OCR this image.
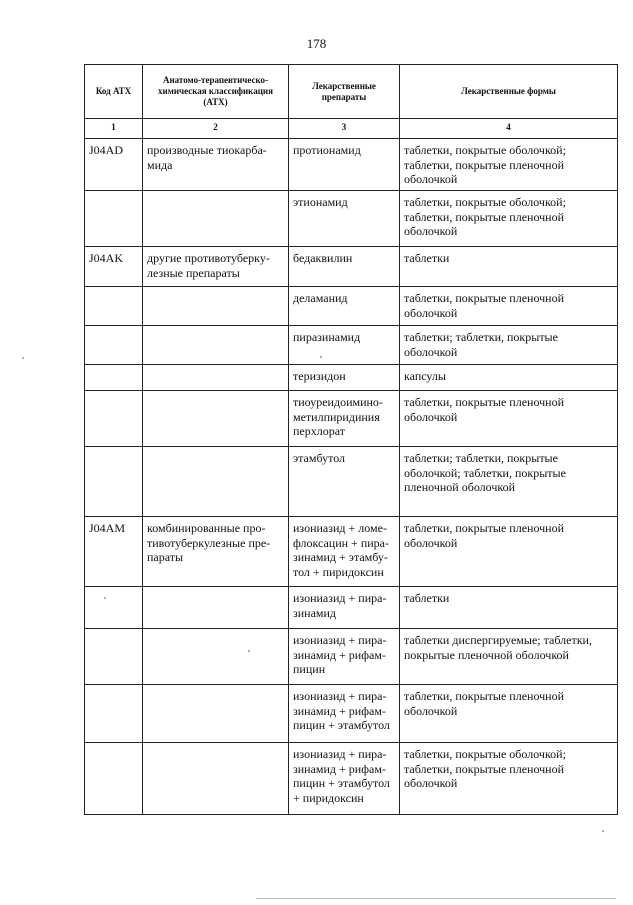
178
Код АТХ	Анатомо-терапевтическо-химическая классификация (АТХ)	Лекарственные препараты	Лекарственные формы
1	2	3	4
J04AD	производные тиокарба-мида	протионамид	таблетки, покрытые оболочкой; таблетки, покрытые пленочной оболочкой
		этионамид	таблетки, покрытые оболочкой; таблетки, покрытые пленочной оболочкой
J04AK	другие противотуберку-лезные препараты	бедаквилин	таблетки
		деламанид	таблетки, покрытые пленочной оболочкой
		пиразинамид	таблетки; таблетки, покрытые оболочкой
		теризидон	капсулы
		тиоуреидоимино-метилпиридиния перхлорат	таблетки, покрытые пленочной оболочкой
		этамбутол	таблетки; таблетки, покрытые оболочкой; таблетки, покрытые пленочной оболочкой
J04AM	комбинированные про-тивотуберкулезные пре-параты	изониазид + ломе-флоксацин + пира-зинамид + этамбу-тол + пиридоксин	таблетки, покрытые пленочной оболочкой
		изониазид + пира-зинамид	таблетки
		изониазид + пира-зинамид + рифам-пицин	таблетки диспергируемые; таблетки, покрытые пленочной оболочкой
		изониазид + пира-зинамид + рифам-пицин + этамбутол	таблетки, покрытые пленочной оболочкой
		изониазид + пира-зинамид + рифам-пицин + этамбутол + пиридоксин	таблетки, покрытые оболочкой; таблетки, покрытые пленочной оболочкой
